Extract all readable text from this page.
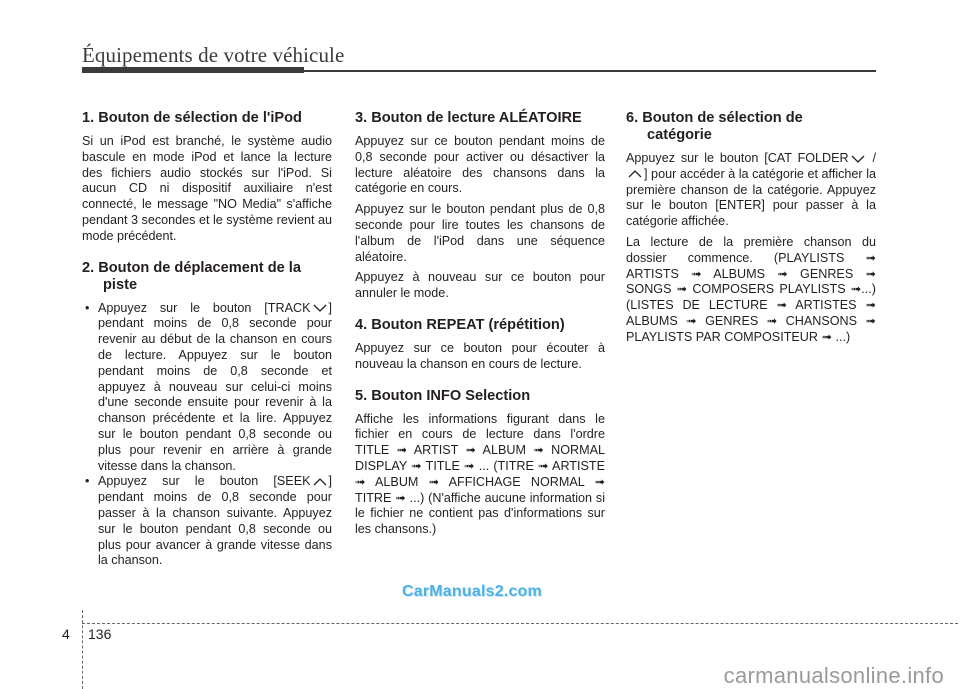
Équipements de votre véhicule
1. Bouton de sélection de l'iPod

Si un iPod est branché, le système audio bascule en mode iPod et lance la lecture des fichiers audio stockés sur l'iPod. Si aucun CD ni dispositif auxiliaire n'est connecté, le message "NO Media" s'affiche pendant 3 secondes et le système revient au mode précédent.

2. Bouton de déplacement de la
piste
• Appuyez sur le bouton [TRACK ] pendant moins de 0,8 seconde pour revenir au début de la chanson en cours de lecture. Appuyez sur le bouton pendant moins de 0,8 seconde et appuyez à nouveau sur celui-ci moins d'une seconde ensuite pour revenir à la chanson précédente et la lire. Appuyez sur le bouton pendant 0,8 seconde ou plus pour revenir en arrière à grande vitesse dans la chanson.
• Appuyez sur le bouton [SEEK ] pendant moins de 0,8 seconde pour passer à la chanson suivante. Appuyez sur le bouton pendant 0,8 seconde ou plus pour avancer à grande vitesse dans la chanson.
3. Bouton de lecture ALÉATOIRE

Appuyez sur ce bouton pendant moins de 0,8 seconde pour activer ou désactiver la lecture aléatoire des chansons dans la catégorie en cours.

Appuyez sur le bouton pendant plus de 0,8 seconde pour lire toutes les chansons de l'album de l'iPod dans une séquence aléatoire.

Appuyez à nouveau sur ce bouton pour annuler le mode.

4. Bouton REPEAT (répétition)

Appuyez sur ce bouton pour écouter à nouveau la chanson en cours de lecture.

5. Bouton INFO Selection

Affiche les informations figurant dans le fichier en cours de lecture dans l'ordre TITLE ➟ ARTIST ➟ ALBUM ➟ NORMAL DISPLAY ➟ TITLE ➟ ... (TITRE ➟ ARTISTE ➟ ALBUM ➟ AFFICHAGE NORMAL ➟ TITRE ➟ ...) (N'affiche aucune information si le fichier ne contient pas d'informations sur les chansons.)

6. Bouton de sélection de
catégorie

Appuyez sur le bouton [CAT FOLDER /] pour accéder à la catégorie et afficher la première chanson de la catégorie. Appuyez sur le bouton [ENTER] pour passer à la catégorie affichée.

La lecture de la première chanson du dossier commence. (PLAYLISTS ➟ ARTISTS ➟ ALBUMS ➟ GENRES ➟ SONGS ➟ COMPOSERS PLAYLISTS ➟...) (LISTES DE LECTURE ➟ ARTISTES ➟ ALBUMS ➟ GENRES ➟ CHANSONS ➟ PLAYLISTS PAR COMPOSITEUR ➟ ...)

CarManuals2.com
4 136
carmanualsonline.info
